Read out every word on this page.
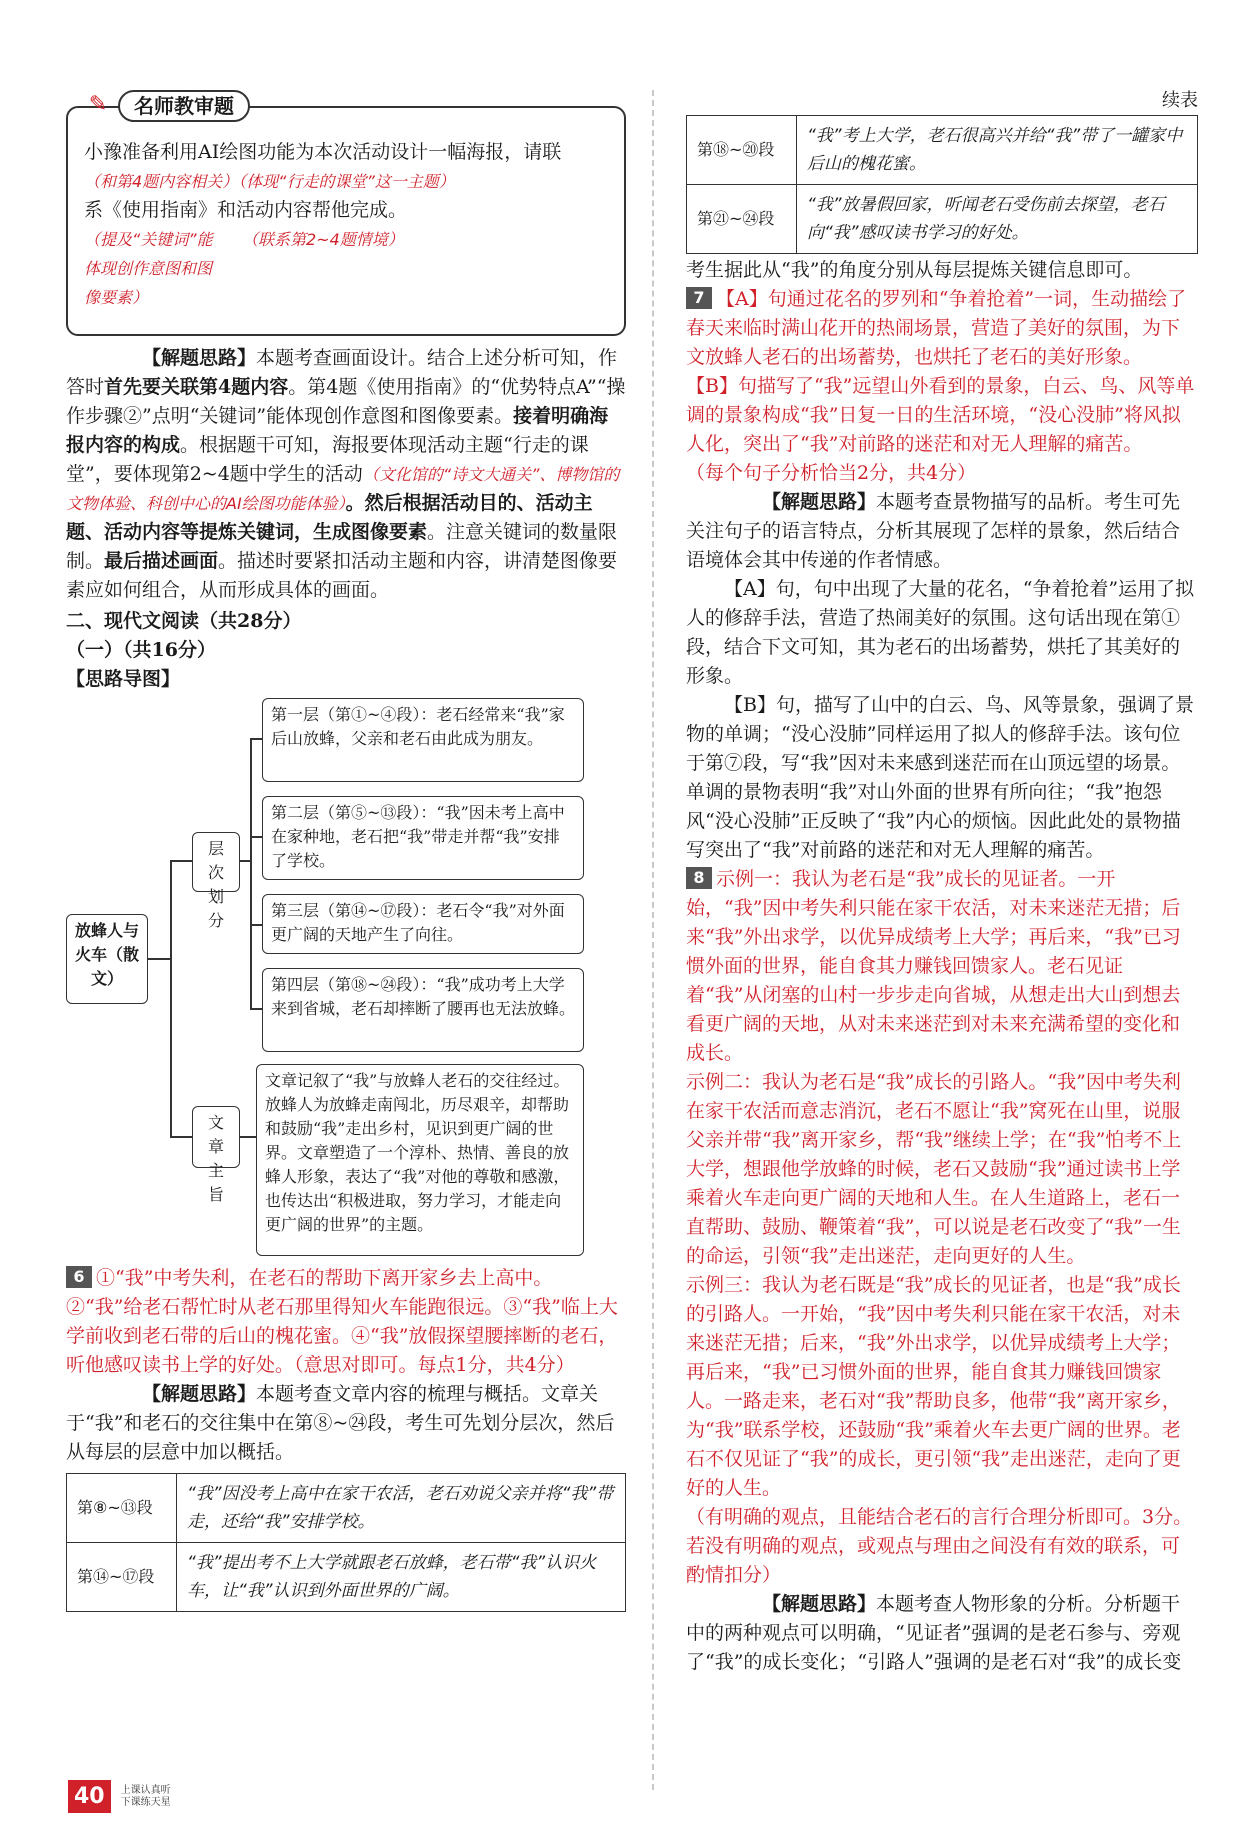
✎	名师教审题

小豫准备利用AI绘图功能为本次活动设计一幅海报，请联

（和第4题内容相关）（体现“行走的课堂”这一主题）

系《使用指南》和活动内容帮他完成。

（提及“关键词”能体现创作意图和图像要素）

（联系第2~4题情境）

【解题思路】本题考查画面设计。结合上述分析可知，作答时首先要关联第4题内容。第4题《使用指南》的“优势特点A”“操作步骤②”点明“关键词”能体现创作意图和图像要素。接着明确海报内容的构成。根据题干可知，海报要体现活动主题“行走的课堂”，要体现第2~4题中学生的活动（文化馆的“诗文大通关”、博物馆的文物体验、科创中心的AI绘图功能体验）。然后根据活动目的、活动主题、活动内容等提炼关键词，生成图像要素。注意关键词的数量限制。最后描述画面。描述时要紧扣活动主题和内容，讲清楚图像要素应如何组合，从而形成具体的画面。

二、现代文阅读（共28分）

（一）（共16分）

【思路导图】

放蜂人与火车（散文）
层次划分
文章主旨
第一层（第①~④段）：老石经常来“我”家后山放蜂，父亲和老石由此成为朋友。
第二层（第⑤~⑬段）：“我”因未考上高中在家种地，老石把“我”带走并帮“我”安排了学校。
第三层（第⑭~⑰段）：老石令“我”对外面更广阔的天地产生了向往。
第四层（第⑱~㉔段）：“我”成功考上大学来到省城，老石却摔断了腰再也无法放蜂。
文章记叙了“我”与放蜂人老石的交往经过。放蜂人为放蜂走南闯北，历尽艰辛，却帮助和鼓励“我”走出乡村，见识到更广阔的世界。文章塑造了一个淳朴、热情、善良的放蜂人形象，表达了“我”对他的尊敬和感激，也传达出“积极进取，努力学习，才能走向更广阔的世界”的主题。

6 ①“我”中考失利，在老石的帮助下离开家乡去上高中。②“我”给老石帮忙时从老石那里得知火车能跑很远。③“我”临上大学前收到老石带的后山的槐花蜜。④“我”放假探望腰摔断的老石，听他感叹读书上学的好处。（意思对即可。每点1分，共4分）

【解题思路】本题考查文章内容的梳理与概括。文章关于“我”和老石的交往集中在第⑧~㉔段，考生可先划分层次，然后从每层的层意中加以概括。

第⑧~⑬段	“我”因没考上高中在家干农活，老石劝说父亲并将“我”带走，还给“我”安排学校。
第⑭~⑰段	“我”提出考不上大学就跟老石放蜂，老石带“我”认识火车，让“我”认识到外面世界的广阔。

续表

第⑱~⑳段	“我”考上大学，老石很高兴并给“我”带了一罐家中后山的槐花蜜。
第㉑~㉔段	“我”放暑假回家，听闻老石受伤前去探望，老石向“我”感叹读书学习的好处。

考生据此从“我”的角度分别从每层提炼关键信息即可。

7 【A】句通过花名的罗列和“争着抢着”一词，生动描绘了春天来临时满山花开的热闹场景，营造了美好的氛围，为下文放蜂人老石的出场蓄势，也烘托了老石的美好形象。

【B】句描写了“我”远望山外看到的景象，白云、鸟、风等单调的景象构成“我”日复一日的生活环境，“没心没肺”将风拟人化，突出了“我”对前路的迷茫和对无人理解的痛苦。

（每个句子分析恰当2分，共4分）

【解题思路】本题考查景物描写的品析。考生可先关注句子的语言特点，分析其展现了怎样的景象，然后结合语境体会其中传递的作者情感。

【A】句，句中出现了大量的花名，“争着抢着”运用了拟人的修辞手法，营造了热闹美好的氛围。这句话出现在第①段，结合下文可知，其为老石的出场蓄势，烘托了其美好的形象。

【B】句，描写了山中的白云、鸟、风等景象，强调了景物的单调；“没心没肺”同样运用了拟人的修辞手法。该句位于第⑦段，写“我”因对未来感到迷茫而在山顶远望的场景。单调的景物表明“我”对山外面的世界有所向往；“我”抱怨风“没心没肺”正反映了“我”内心的烦恼。因此此处的景物描写突出了“我”对前路的迷茫和对无人理解的痛苦。

8 示例一：我认为老石是“我”成长的见证者。一开始，“我”因中考失利只能在家干农活，对未来迷茫无措；后来“我”外出求学，以优异成绩考上大学；再后来，“我”已习惯外面的世界，能自食其力赚钱回馈家人。老石见证着“我”从闭塞的山村一步步走向省城，从想走出大山到想去看更广阔的天地，从对未来迷茫到对未来充满希望的变化和成长。

示例二：我认为老石是“我”成长的引路人。“我”因中考失利在家干农活而意志消沉，老石不愿让“我”窝死在山里，说服父亲并带“我”离开家乡，帮“我”继续上学；在“我”怕考不上大学，想跟他学放蜂的时候，老石又鼓励“我”通过读书上学乘着火车走向更广阔的天地和人生。在人生道路上，老石一直帮助、鼓励、鞭策着“我”，可以说是老石改变了“我”一生的命运，引领“我”走出迷茫，走向更好的人生。

示例三：我认为老石既是“我”成长的见证者，也是“我”成长的引路人。一开始，“我”因中考失利只能在家干农活，对未来迷茫无措；后来，“我”外出求学，以优异成绩考上大学；再后来，“我”已习惯外面的世界，能自食其力赚钱回馈家人。一路走来，老石对“我”帮助良多，他带“我”离开家乡，为“我”联系学校，还鼓励“我”乘着火车去更广阔的世界。老石不仅见证了“我”的成长，更引领“我”走出迷茫，走向了更好的人生。

（有明确的观点，且能结合老石的言行合理分析即可。3分。若没有明确的观点，或观点与理由之间没有有效的联系，可酌情扣分）

【解题思路】本题考查人物形象的分析。分析题干中的两种观点可以明确，“见证者”强调的是老石参与、旁观了“我”的成长变化；“引路人”强调的是老石对“我”的成长变

40 上课认真听
下课练天星
